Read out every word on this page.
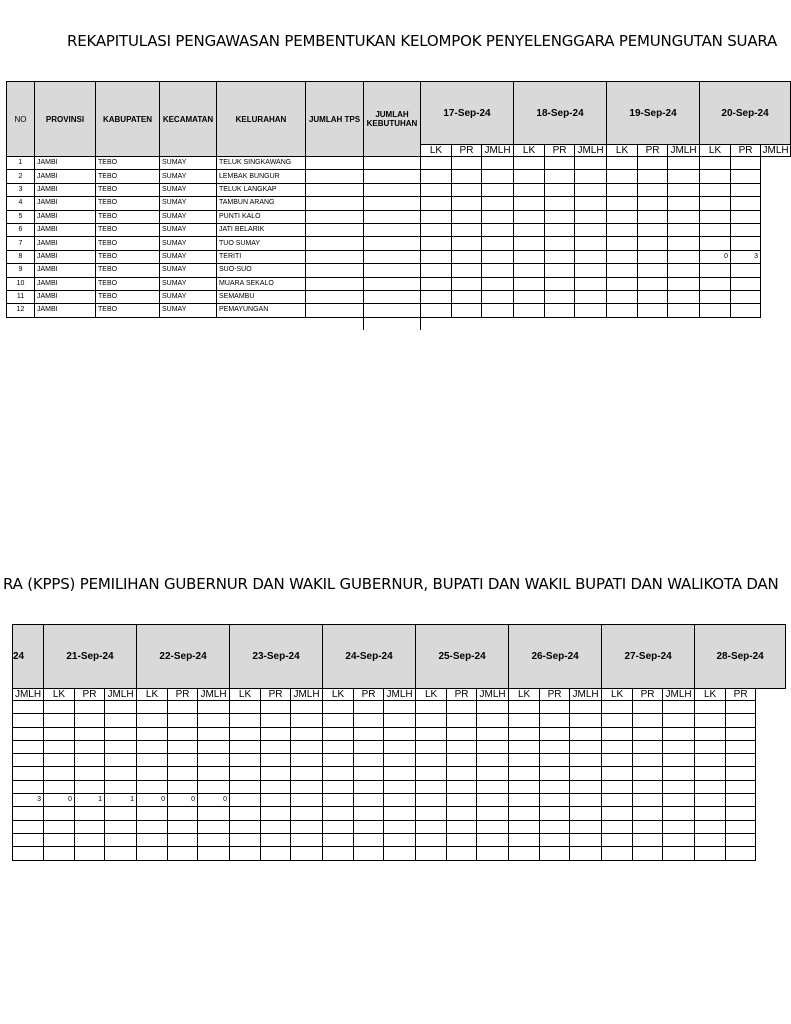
REKAPITULASI PENGAWASAN PEMBENTUKAN KELOMPOK PENYELENGGARA PEMUNGUTAN SUARA
NO	PROVINSI	KABUPATEN	KECAMATAN	KELURAHAN	JUMLAH TPS	JUMLAH KEBUTUHAN	17-Sep-24			18-Sep-24			19-Sep-24			20-Sep-24		
							LK	PR	JMLH	LK	PR	JMLH	LK	PR	JMLH	LK	PR	JMLH
1	JAMBI	TEBO	SUMAY	TELUK SINGKAWANG														
2	JAMBI	TEBO	SUMAY	LEMBAK BUNGUR														
3	JAMBI	TEBO	SUMAY	TELUK LANGKAP														
4	JAMBI	TEBO	SUMAY	TAMBUN ARANG														
5	JAMBI	TEBO	SUMAY	PUNTI KALO														
6	JAMBI	TEBO	SUMAY	JATI BELARIK														
7	JAMBI	TEBO	SUMAY	TUO SUMAY														
8	JAMBI	TEBO	SUMAY	TERITI												0	3	
9	JAMBI	TEBO	SUMAY	SUO-SUO														
10	JAMBI	TEBO	SUMAY	MUARA SEKALO														
11	JAMBI	TEBO	SUMAY	SEMAMBU														
12	JAMBI	TEBO	SUMAY	PEMAYUNGAN														

RA (KPPS) PEMILIHAN GUBERNUR DAN WAKIL GUBERNUR, BUPATI DAN WAKIL BUPATI DAN WALIKOTA DAN
24	21-Sep-24			22-Sep-24			23-Sep-24			24-Sep-24			25-Sep-24			26-Sep-24			27-Sep-24			28-Sep-24	
JMLH	LK	PR	JMLH	LK	PR	JMLH	LK	PR	JMLH	LK	PR	JMLH	LK	PR	JMLH	LK	PR	JMLH	LK	PR	JMLH	LK	PR

3	0	1	1	0	0	0																	
